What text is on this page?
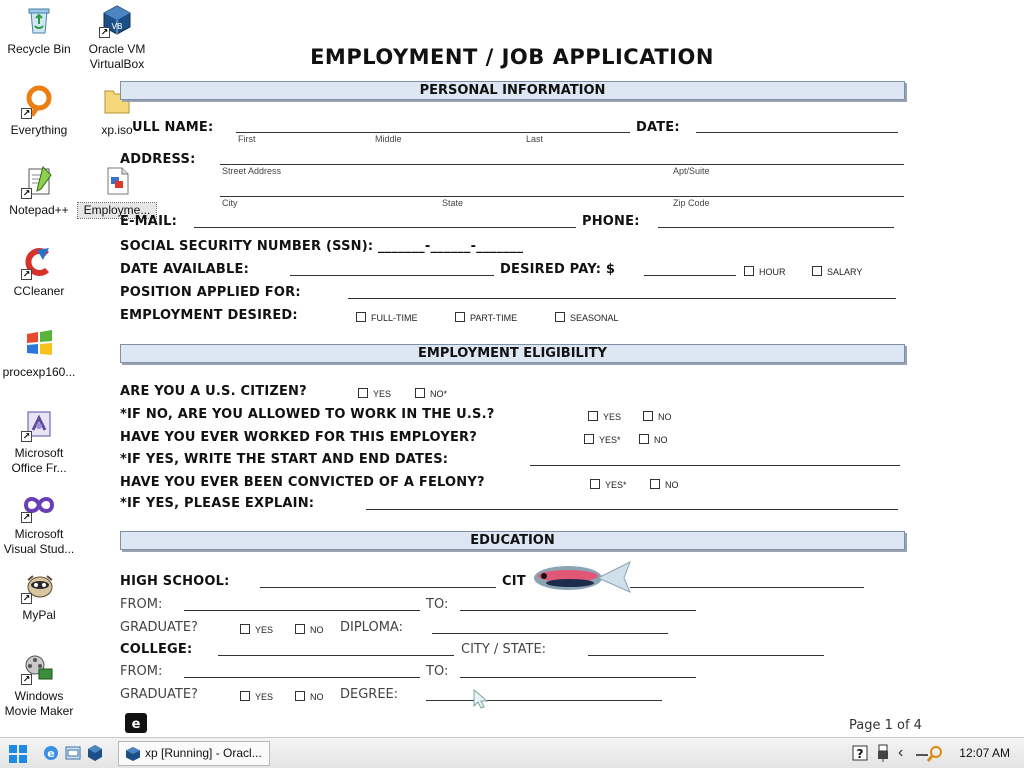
Recycle Bin
VB
↗
Oracle VM VirtualBox
↗
Everything	xp.iso
↗
Notepad++	Employme...
↗
CCleaner
procexp160...
↗
Microsoft Office Fr...
↗
Microsoft Visual Stud...
↗
MyPal
↗
Windows Movie Maker
EMPLOYMENT / JOB APPLICATION
PERSONAL INFORMATION
ULL NAME:
First	Middle	Last
DATE:
ADDRESS:
Street Address	Apt/Suite
City	State	Zip Code
E-MAIL:	PHONE:
SOCIAL SECURITY NUMBER (SSN): _______-______-_______
DATE AVAILABLE:	DESIRED PAY: $	HOUR	SALARY
POSITION APPLIED FOR:
EMPLOYMENT DESIRED:	FULL-TIME	PART-TIME	SEASONAL
EMPLOYMENT ELIGIBILITY
ARE YOU A U.S. CITIZEN?	YES	NO*
*IF NO, ARE YOU ALLOWED TO WORK IN THE U.S.?	YES	NO
HAVE YOU EVER WORKED FOR THIS EMPLOYER?	YES*	NO
*IF YES, WRITE THE START AND END DATES:
HAVE YOU EVER BEEN CONVICTED OF A FELONY?	YES*	NO
*IF YES, PLEASE EXPLAIN:
EDUCATION
HIGH SCHOOL:	CIT
FROM:	TO:
GRADUATE?	YES	NO DIPLOMA:
COLLEGE:	CITY / STATE:
FROM:	TO:
GRADUATE?	YES	NO DEGREE:
e	Page 1 of 4
e	xp [Running] - Oracl...	? ‹	12:07 AM
